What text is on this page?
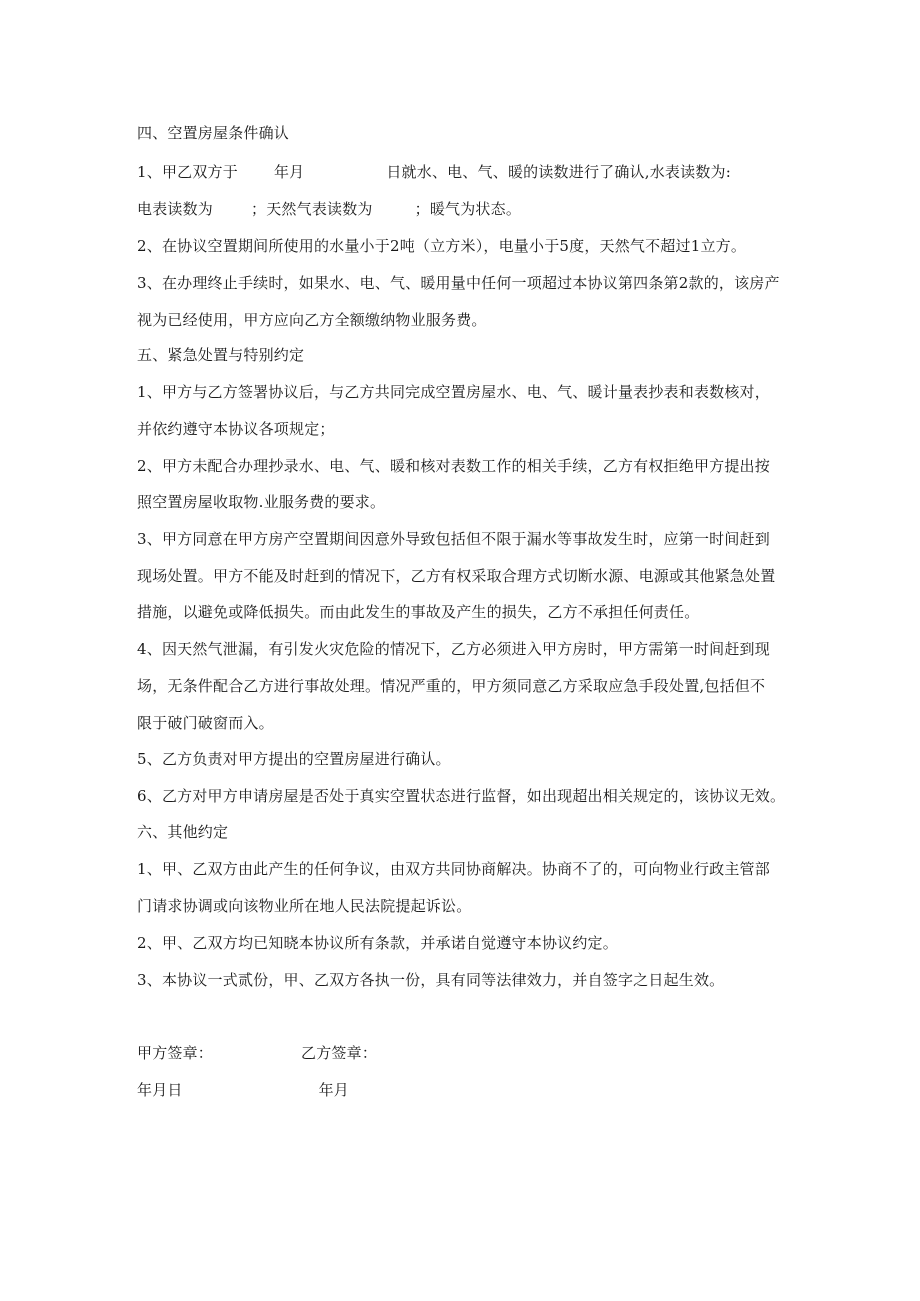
四、空置房屋条件确认
1、甲乙双方于 年月	日就水、电、气、暖的读数进行了确认,水表读数为:
电表读数为	；天然气表读数为	；暖气为状态。
2、在协议空置期间所使用的水量小于2吨（立方米），电量小于5度，天然气不超过1立方。
3、在办理终止手续时，如果水、电、气、暖用量中任何一项超过本协议第四条第2款的，该房产
视为已经使用，甲方应向乙方全额缴纳物业服务费。
五、紧急处置与特别约定
1、甲方与乙方签署协议后，与乙方共同完成空置房屋水、电、气、暖计量表抄表和表数核对，
并依约遵守本协议各项规定；
2、甲方未配合办理抄录水、电、气、暖和核对表数工作的相关手续，乙方有权拒绝甲方提出按
照空置房屋收取物.业服务费的要求。
3、甲方同意在甲方房产空置期间因意外导致包括但不限于漏水等事故发生时，应第一时间赶到
现场处置。甲方不能及时赶到的情况下，乙方有权采取合理方式切断水源、电源或其他紧急处置
措施，以避免或降低损失。而由此发生的事故及产生的损失，乙方不承担任何责任。
4、因天然气泄漏，有引发火灾危险的情况下，乙方必须进入甲方房时，甲方需第一时间赶到现
场，无条件配合乙方进行事故处理。情况严重的，甲方须同意乙方采取应急手段处置,包括但不
限于破门破窗而入。
5、乙方负责对甲方提出的空置房屋进行确认。
6、乙方对甲方申请房屋是否处于真实空置状态进行监督，如出现超出相关规定的，该协议无效。
六、其他约定
1、甲、乙双方由此产生的任何争议，由双方共同协商解决。协商不了的，可向物业行政主管部
门请求协调或向该物业所在地人民法院提起诉讼。
2、甲、乙双方均已知晓本协议所有条款，并承诺自觉遵守本协议约定。
3、本协议一式贰份，甲、乙双方各执一份，具有同等法律效力，并自签字之日起生效。
甲方签章：	乙方签章：
年月日	年月
